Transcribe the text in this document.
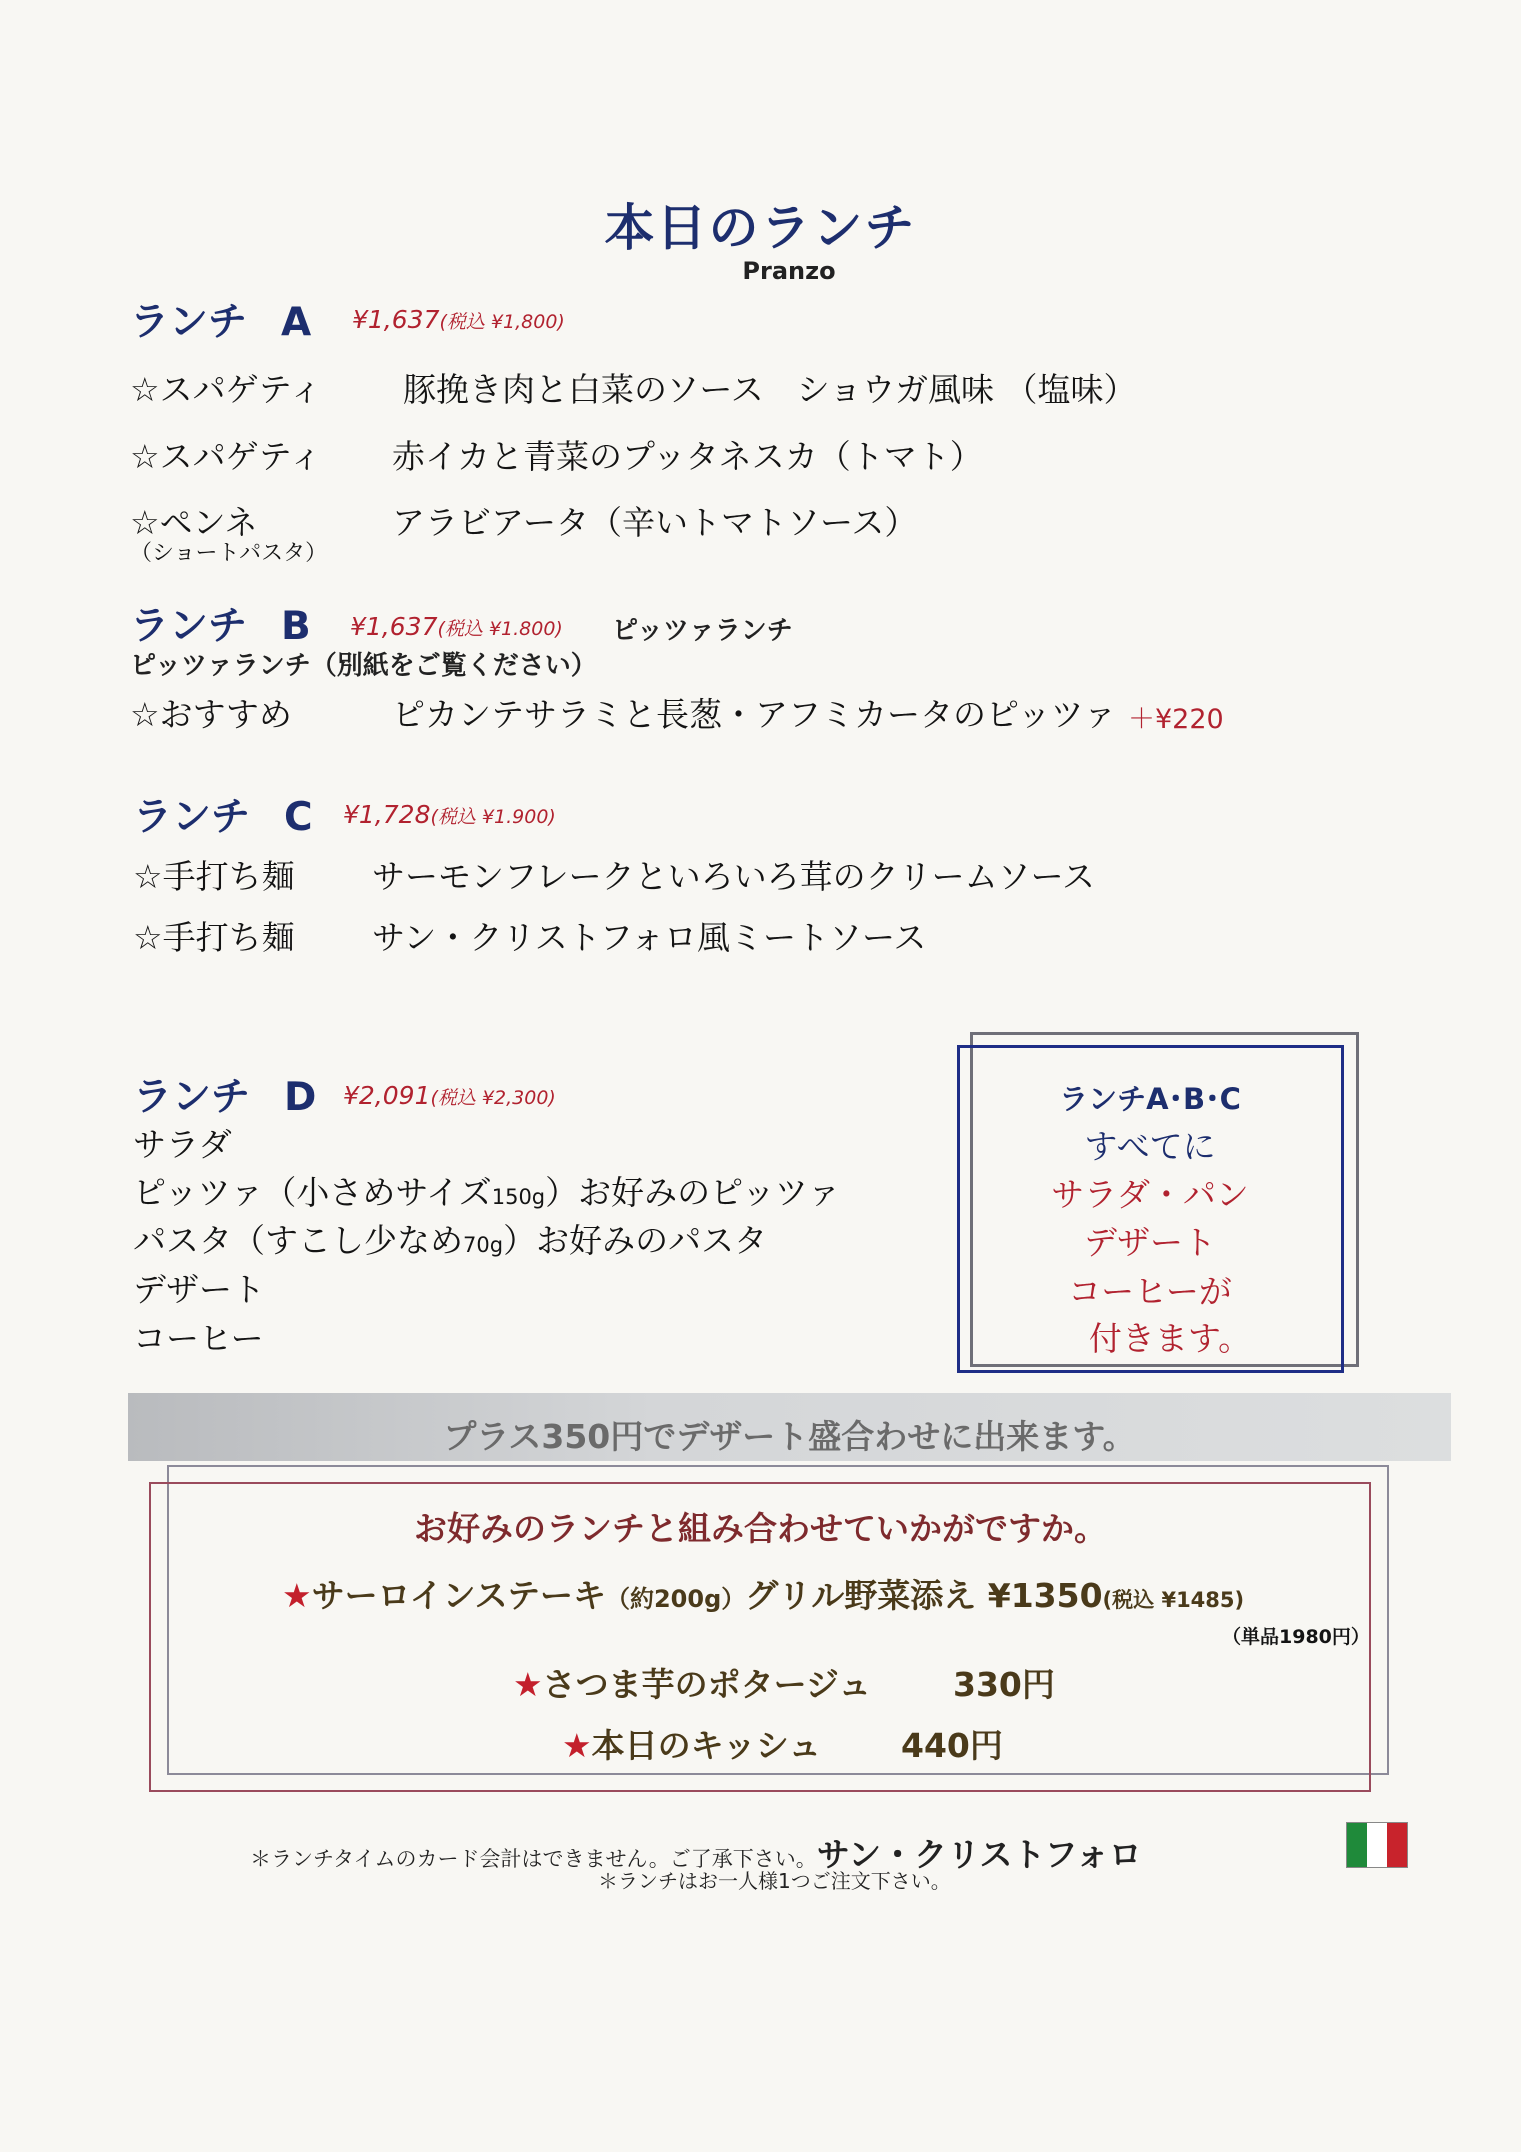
本日のランチ
Pranzo
ランチ A ¥1,637(税込 ¥1,800)
☆スパゲティ 豚挽き肉と白菜のソース　ショウガ風味 （塩味）
☆スパゲティ 赤イカと青菜のプッタネスカ（トマト）
☆ペンネ	アラビアータ（辛いトマトソース）
（ショートパスタ）
ランチ B ¥1,637(税込 ¥1.800) ピッツァランチ
ピッツァランチ（別紙をご覧ください）
☆おすすめ	ピカンテサラミと長葱・アフミカータのピッツァ ＋¥220
ランチ C ¥1,728(税込 ¥1.900)
☆手打ち麺 サーモンフレークといろいろ茸のクリームソース
☆手打ち麺 サン・クリストフォロ風ミートソース
ランチ D ¥2,091(税込 ¥2,300)
サラダ
ピッツァ（小さめサイズ150g）お好みのピッツァ
パスタ（すこし少なめ70g）お好みのパスタ
デザート
コーヒー
ランチA･B･C
すべてに
サラダ・パン
デザート
コーヒーが
付きます。
プラス350円でデザート盛合わせに出来ます。
お好みのランチと組み合わせていかがですか。
★サーロインステーキ（約200g）グリル野菜添え ¥1350(税込 ¥1485)
（単品1980円）
★さつま芋のポタージュ 330円
★本日のキッシュ 440円
＊ランチタイムのカード会計はできません。ご了承下さい。サン・クリストフォロ
＊ランチはお一人様1つご注文下さい。
